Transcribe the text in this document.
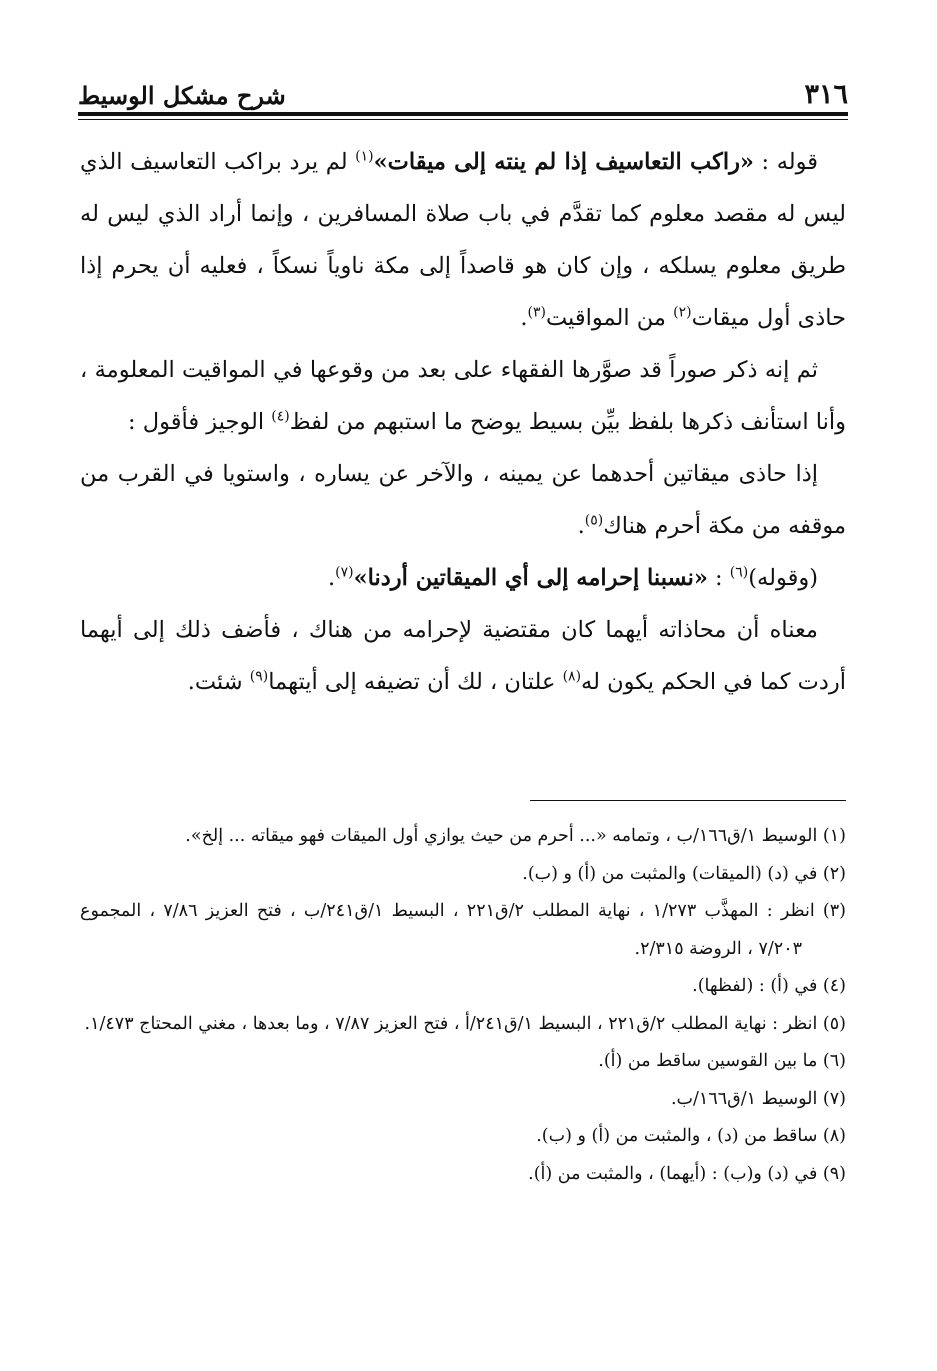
٣١٦
شرح مشكل الوسيط

قوله : «راكب التعاسيف إذا لم ينته إلى ميقات»$^{(١)}$ لم يرد براكب التعاسيف الذي ليس له مقصد معلوم كما تقدَّم في باب صلاة المسافرين ، وإنما أراد الذي ليس له طريق معلوم يسلكه ، وإن كان هو قاصداً إلى مكة ناوياً نسكاً ، فعليه أن يحرم إذا حاذى أول ميقات$^{(٢)}$ من المواقيت$^{(٣)}$.

ثم إنه ذكر صوراً قد صوَّرها الفقهاء على بعد من وقوعها في المواقيت المعلومة ، وأنا استأنف ذكرها بلفظ بيِّن بسيط يوضح ما استبهم من لفظ$^{(٤)}$ الوجيز فأقول :

إذا حاذى ميقاتين أحدهما عن يمينه ، والآخر عن يساره ، واستويا في القرب من موقفه من مكة أحرم هناك$^{(٥)}$.

(وقوله)$^{(٦)}$ : «نسبنا إحرامه إلى أي الميقاتين أردنا»$^{(٧)}$.

معناه أن محاذاته أيهما كان مقتضية لإحرامه من هناك ، فأضف ذلك إلى أيهما أردت كما في الحكم يكون له$^{(٨)}$ علتان ، لك أن تضيفه إلى أيتهما$^{(٩)}$ شئت.

(١) الوسيط ١/ق١٦٦/ب ، وتمامه «... أحرم من حيث يوازي أول الميقات فهو ميقاته ... إلخ».
(٢) في (د) (الميقات) والمثبت من (أ) و (ب).
(٣) انظر : المهذَّب ١/٢٧٣ ، نهاية المطلب ٢/ق٢٢١ ، البسيط ١/ق٢٤١/ب ، فتح العزيز ٧/٨٦ ، المجموع ٧/٢٠٣ ، الروضة ٢/٣١٥.
(٤) في (أ) : (لفظها).
(٥) انظر : نهاية المطلب ٢/ق٢٢١ ، البسيط ١/ق٢٤١/أ ، فتح العزيز ٧/٨٧ ، وما بعدها ، مغني المحتاج ١/٤٧٣.
(٦) ما بين القوسين ساقط من (أ).
(٧) الوسيط ١/ق١٦٦/ب.
(٨) ساقط من (د) ، والمثبت من (أ) و (ب).
(٩) في (د) و(ب) : (أيهما) ، والمثبت من (أ).
